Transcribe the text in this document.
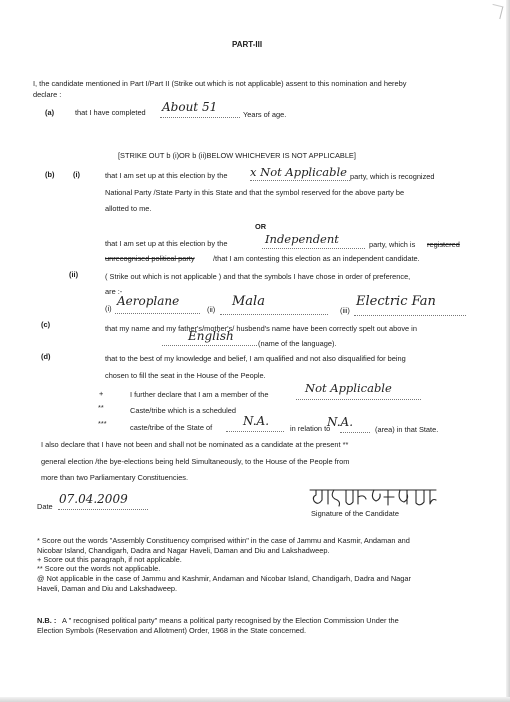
PART-III
I, the candidate mentioned in Part I/Part II (Strike out which is not applicable) assent to this nomination and hereby
declare :
(a)	that I have completed About 51
Years of age.
[STRIKE OUT b (i)OR b (ii)BELOW WHICHEVER IS NOT APPLICABLE]
(b)	(i)	that I am set up at this election by the x Not Applicable party, which is recognized
National Party /State Party in this State and that the symbol reserved for the above party be
allotted to me.
OR
that I am set up at this election by the	Independent	party, which is registered
unrecognised political party /that I am contesting this election as an independent candidate.
(ii)	( Strike out which is not applicable ) and that the symbols I have chose in order of preference,
are :-
(i)
Aeroplane
(ii)
Mala
(iii)
Electric Fan
(c)	that my name and my father's/mother's/ husbend's name have been correctly spelt out above in
English
(name of the language).
(d)	that to the best of my knowledge and belief, I am qualified and not also disqualified for being
chosen to fill the seat in the House of the People.
+	I further declare that I am a member of the	Not Applicable
**	Caste/tribe which is a scheduled
***	caste/tribe of the State of	N.A.
in relation to
N.A.
(area) in that State.
I also declare that I have not been and shall not be nominated as a candidate at the present **
general election /the bye-elections being held Simultaneously, to the House of the People from
more than two Parliamentary Constituencies.
Date
07.04.2009
Signature of the Candidate
* Score out the words "Assembly Constituency comprised within" in the case of Jammu and Kasmir, Andaman and
Nicobar Island, Chandigarh, Dadra and Nagar Haveli, Daman and Diu and Lakshadweep.
+ Score out this paragraph, if not applicable.
** Score out the words not applicable.
@ Not applicable in the case of Jammu and Kashmir, Andaman and Nicobar Island, Chandigarh, Dadra and Nagar
Haveli, Daman and Diu and Lakshadweep.
N.B. : A " recognised political party" means a political party recognised by the Election Commission Under the
Election Symbols (Reservation and Allotment) Order, 1968 in the State concerned.
